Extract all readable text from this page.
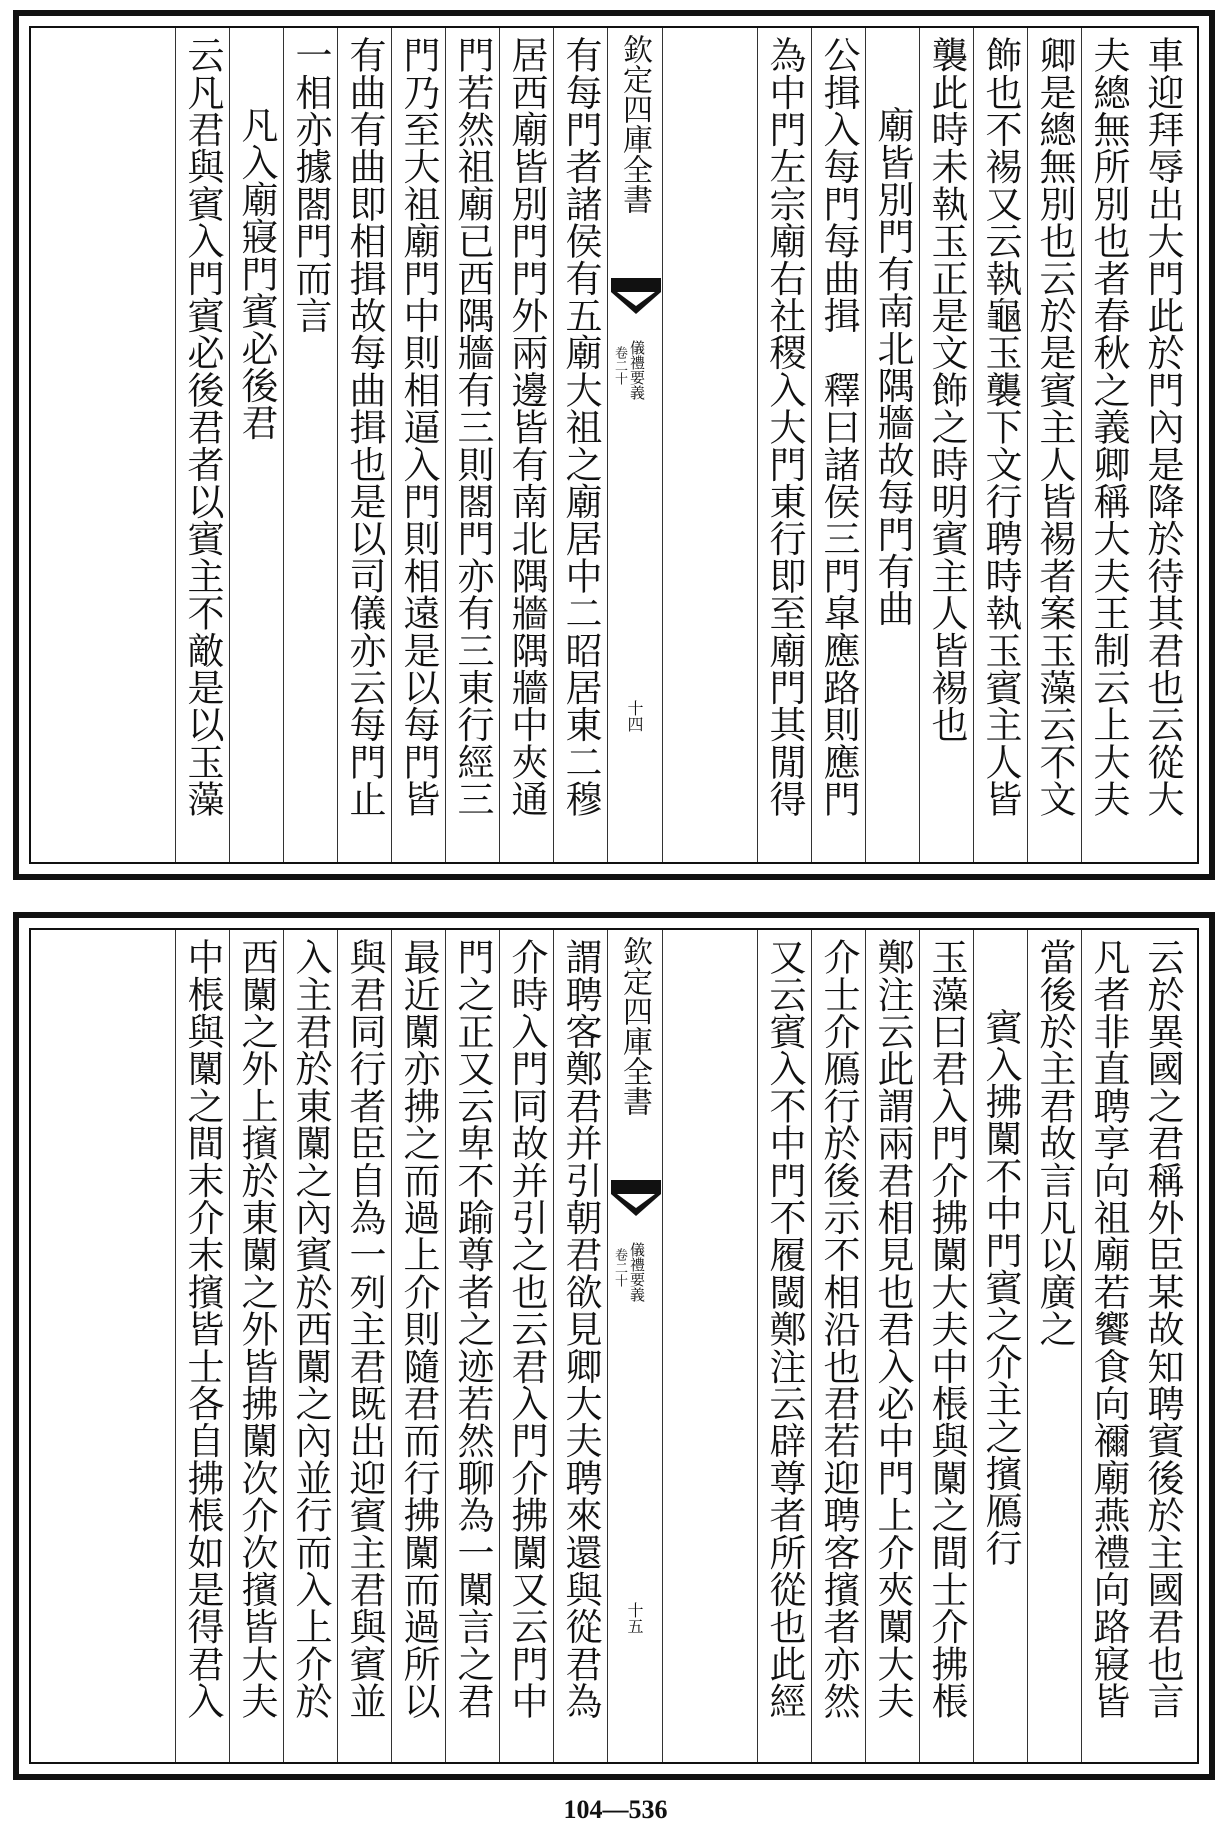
車迎拜辱出大門此於門內是降於待其君也云從大
夫總無所別也者春秋之義卿稱大夫王制云上大夫
卿是總無別也云於是賓主人皆裼者案玉藻云不文
飾也不裼又云執龜玉襲下文行聘時執玉賓主人皆
襲此時未執玉正是文飾之時明賓主人皆裼也
廟皆別門有南北隅牆故每門有曲
公揖入每門每曲揖　釋曰諸侯三門皐應路則應門
為中門左宗廟右社稷入大門東行即至廟門其閒得
欽定四庫全書
儀禮要義
卷二十
十四
有每門者諸侯有五廟大祖之廟居中二昭居東二穆
居西廟皆別門門外兩邊皆有南北隅牆隅牆中夾通
門若然祖廟已西隅牆有三則閤門亦有三東行經三
門乃至大祖廟門中則相逼入門則相遠是以每門皆
有曲有曲即相揖故每曲揖也是以司儀亦云每門止
一相亦據閤門而言
凡入廟寢門賓必後君
云凡君與賓入門賓必後君者以賓主不敵是以玉藻
云於異國之君稱外臣某故知聘賓後於主國君也言
凡者非直聘享向祖廟若饗食向禰廟燕禮向路寢皆
當後於主君故言凡以廣之
賓入拂闑不中門賓之介主之擯鴈行
玉藻曰君入門介拂闑大夫中棖與闑之間士介拂棖
鄭注云此謂兩君相見也君入必中門上介夾闑大夫
介士介鴈行於後示不相沿也君若迎聘客擯者亦然
又云賓入不中門不履閾鄭注云辟尊者所從也此經
欽定四庫全書
儀禮要義
卷二十
十五
謂聘客鄭君并引朝君欲見卿大夫聘來還與從君為
介時入門同故并引之也云君入門介拂闑又云門中
門之正又云卑不踰尊者之迹若然聊為一闑言之君
最近闑亦拂之而過上介則隨君而行拂闑而過所以
與君同行者臣自為一列主君既出迎賓主君與賓並
入主君於東闑之內賓於西闑之內並行而入上介於
西闑之外上擯於東闑之外皆拂闑次介次擯皆大夫
中棖與闑之間末介末擯皆士各自拂棖如是得君入
104—536
